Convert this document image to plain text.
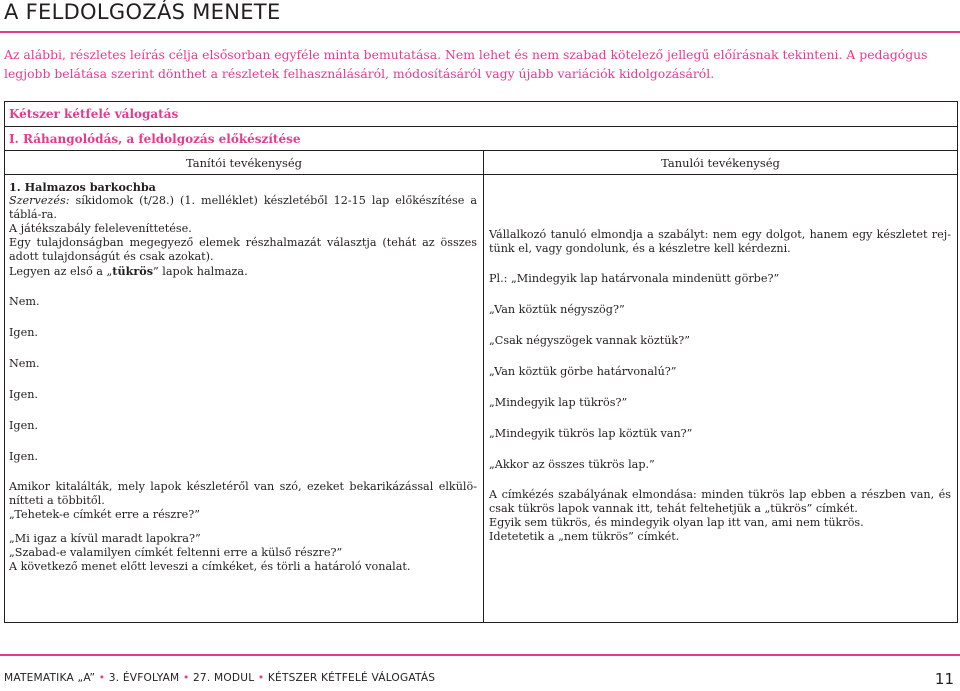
A FELDOLGOZÁS MENETE

Az alábbi, részletes leírás célja elsősorban egyféle minta bemutatása. Nem lehet és nem szabad kötelező jellegű előírásnak tekinteni. A pedagógus legjobb belátása szerint dönthet a részletek felhasználásáról, módosításáról vagy újabb variációk kidolgozásáról.

Kétszer kétfelé válogatás
I. Ráhangolódás, a feldolgozás előkészítése
Tanítói tevékenység	Tanulói tevékenység

1. Halmazos barkochba

Szervezés: síkidomok (t/28.) (1. melléklet) készletéből 12-15 lap előkészítése a táblá-ra.

A játékszabály feleleveníttetése.

Egy tulajdonságban megegyező elemek részhalmazát választja (tehát az összes adott tulajdonságút és csak azokat).

Legyen az első a „tükrös” lapok halmaza.

Nem.

Igen.

Nem.

Igen.

Igen.

Igen.

Amikor kitalálták, mely lapok készletéről van szó, ezeket bekarikázással elkülö-nítteti a többitől.

„Tehetek-e címkét erre a részre?”

„Mi igaz a kívül maradt lapokra?”

„Szabad-e valamilyen címkét feltenni erre a külső részre?”

A következő menet előtt leveszi a címkéket, és törli a határoló vonalat.

Vállalkozó tanuló elmondja a szabályt: nem egy dolgot, hanem egy készletet rej-tünk el, vagy gondolunk, és a készletre kell kérdezni.

Pl.: „Mindegyik lap határvonala mindenütt görbe?”

„Van köztük négyszög?”

„Csak négyszögek vannak köztük?”

„Van köztük görbe határvonalú?”

„Mindegyik lap tükrös?”

„Mindegyik tükrös lap köztük van?”

„Akkor az összes tükrös lap.”

A címkézés szabályának elmondása: minden tükrös lap ebben a részben van, és csak tükrös lapok vannak itt, tehát feltehetjük a „tükrös” címkét.

Egyik sem tükrös, és mindegyik olyan lap itt van, ami nem tükrös.

Idetetetik a „nem tükrös” címkét.

MATEMATIKA „A” • 3. ÉVFOLYAM • 27. MODUL • KÉTSZER KÉTFELÉ VÁLOGATÁS	11
